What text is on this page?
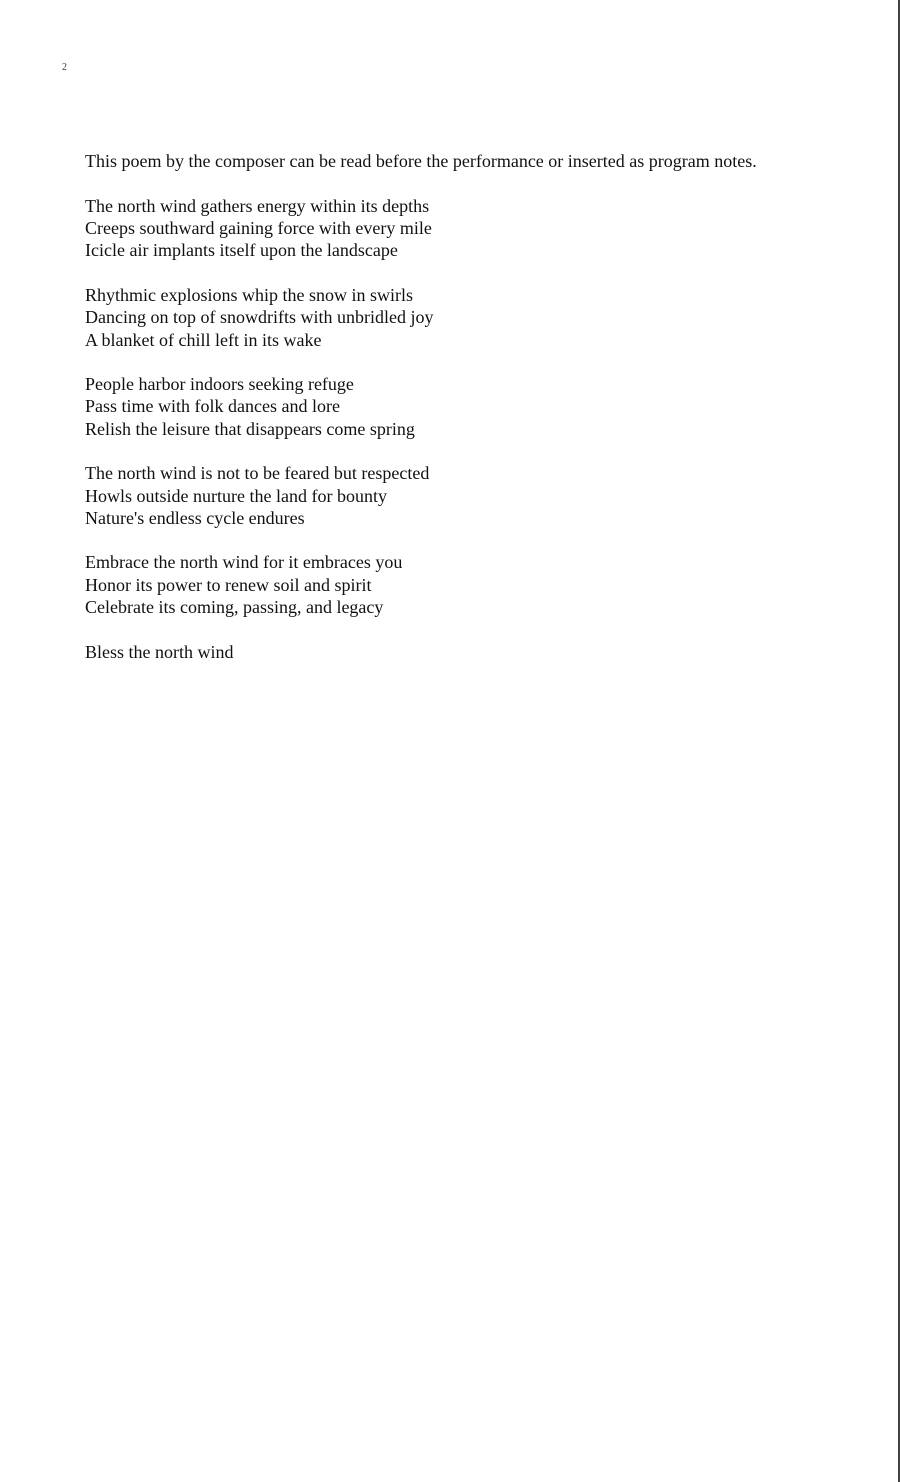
2

This poem by the composer can be read before the performance or inserted as program notes.

The north wind gathers energy within its depths
Creeps southward gaining force with every mile
Icicle air implants itself upon the landscape
Rhythmic explosions whip the snow in swirls
Dancing on top of snowdrifts with unbridled joy
A blanket of chill left in its wake
People harbor indoors seeking refuge
Pass time with folk dances and lore
Relish the leisure that disappears come spring
The north wind is not to be feared but respected
Howls outside nurture the land for bounty
Nature's endless cycle endures
Embrace the north wind for it embraces you
Honor its power to renew soil and spirit
Celebrate its coming, passing, and legacy
Bless the north wind
